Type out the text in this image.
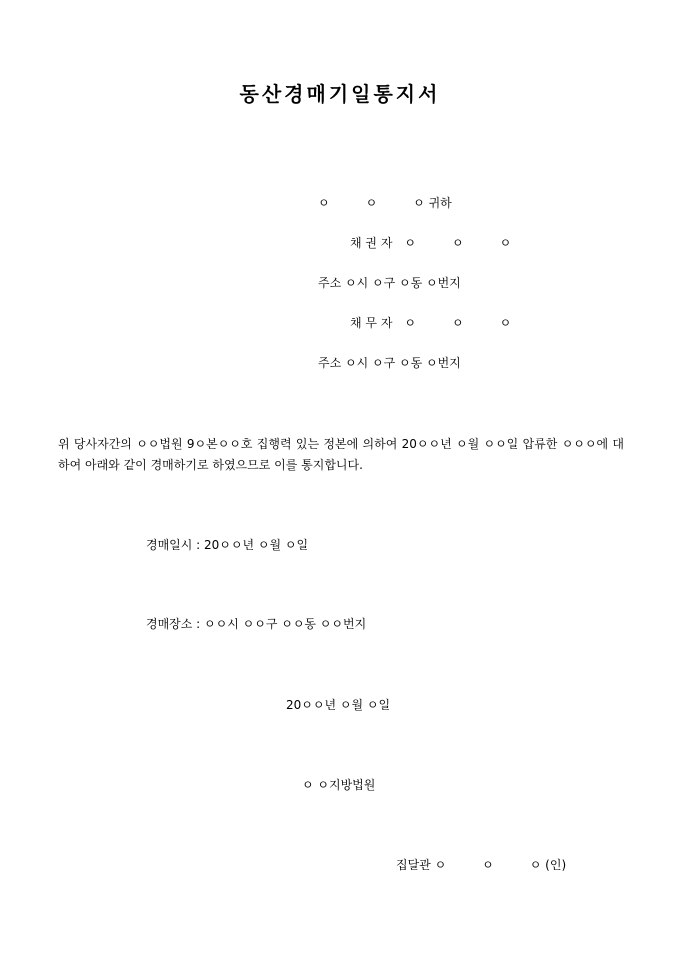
동산경매기일통지서
ㅇ　　　ㅇ　　　ㅇ 귀하
채 권 자　ㅇ　　　ㅇ　　　ㅇ
주소 ㅇ시 ㅇ구 ㅇ동 ㅇ번지
채 무 자　ㅇ　　　ㅇ　　　ㅇ
주소 ㅇ시 ㅇ구 ㅇ동 ㅇ번지
위 당사자간의 ㅇㅇ법원 9ㅇ본ㅇㅇ호 집행력 있는 정본에 의하여 20ㅇㅇ년 ㅇ월 ㅇㅇ일 압류한 ㅇㅇㅇ에 대하여 아래와 같이 경매하기로 하였으므로 이를 통지합니다.
경매일시 : 20ㅇㅇ년 ㅇ월 ㅇ일
경매장소 : ㅇㅇ시 ㅇㅇ구 ㅇㅇ동 ㅇㅇ번지
20ㅇㅇ년 ㅇ월 ㅇ일
ㅇ ㅇ지방법원
집달관 ㅇ　　　ㅇ　　　ㅇ (인)
